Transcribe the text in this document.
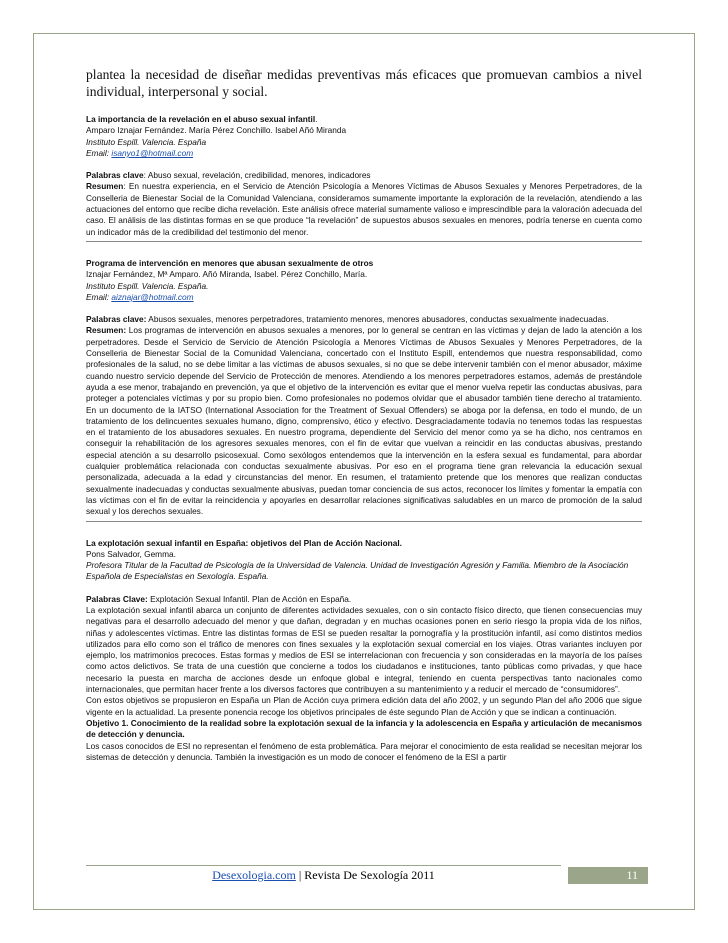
plantea la necesidad de diseñar medidas preventivas más eficaces que promuevan cambios a nivel individual, interpersonal y social.

La importancia de la revelación en el abuso sexual infantil.

Amparo Iznajar Fernández. María Pérez Conchillo. Isabel Añó Miranda

Instituto Espill. Valencia. España

Email: isanyo1@hotmail.com

Palabras clave: Abuso sexual, revelación, credibilidad, menores, indicadores

Resumen: En nuestra experiencia, en el Servicio de Atención Psicología a Menores Víctimas de Abusos Sexuales y Menores Perpetradores, de la Conselleria de Bienestar Social de la Comunidad Valenciana, consideramos sumamente importante la exploración de la revelación, atendiendo a las actuaciones del entorno que recibe dicha revelación. Este análisis ofrece material sumamente valioso e imprescindible para la valoración adecuada del caso. El análisis de las distintas formas en se que produce “la revelación” de supuestos abusos sexuales en menores, podría tenerse en cuenta como un indicador más de la credibilidad del testimonio del menor.

Programa de intervención en menores que abusan sexualmente de otros

Iznajar Fernández, Mª Amparo. Añó Miranda, Isabel. Pérez Conchillo, María.

Instituto Espill. Valencia. España.

Email: aiznajar@hotmail.com

Palabras clave: Abusos sexuales, menores perpetradores, tratamiento menores, menores abusadores, conductas sexualmente inadecuadas.

Resumen: Los programas de intervención en abusos sexuales a menores, por lo general se centran en las víctimas y dejan de lado la atención a los perpetradores. Desde el Servicio de Servicio de Atención Psicología a Menores Víctimas de Abusos Sexuales y Menores Perpetradores, de la Conselleria de Bienestar Social de la Comunidad Valenciana, concertado con el Instituto Espill, entendemos que nuestra responsabilidad, como profesionales de la salud, no se debe limitar a las víctimas de abusos sexuales, si no que se debe intervenir también con el menor abusador, máxime cuando nuestro servicio depende del Servicio de Protección de menores. Atendiendo a los menores perpetradores estamos, además de prestándole ayuda a ese menor, trabajando en prevención, ya que el objetivo de la intervención es evitar que el menor vuelva repetir las conductas abusivas, para proteger a potenciales víctimas y por su propio bien. Como profesionales no podemos olvidar que el abusador también tiene derecho al tratamiento. En un documento de la IATSO (International Association for the Treatment of Sexual Offenders) se aboga por la defensa, en todo el mundo, de un tratamiento de los delincuentes sexuales humano, digno, comprensivo, ético y efectivo. Desgraciadamente todavía no tenemos todas las respuestas en el tratamiento de los abusadores sexuales. En nuestro programa, dependiente del Servicio del menor como ya se ha dicho, nos centramos en conseguir la rehabilitación de los agresores sexuales menores, con el fin de evitar que vuelvan a reincidir en las conductas abusivas, prestando especial atención a su desarrollo psicosexual. Como sexólogos entendemos que la intervención en la esfera sexual es fundamental, para abordar cualquier problemática relacionada con conductas sexualmente abusivas. Por eso en el programa tiene gran relevancia la educación sexual personalizada, adecuada a la edad y circunstancias del menor. En resumen, el tratamiento pretende que los menores que realizan conductas sexualmente inadecuadas y conductas sexualmente abusivas, puedan tomar conciencia de sus actos, reconocer los límites y fomentar la empatía con las víctimas con el fin de evitar la reincidencia y apoyarles en desarrollar relaciones significativas saludables en un marco de promoción de la salud sexual y los derechos sexuales.

La explotación sexual infantil en España: objetivos del Plan de Acción Nacional.

Pons Salvador, Gemma.

Profesora Titular de la Facultad de Psicología de la Universidad de Valencia. Unidad de Investigación Agresión y Familia. Miembro de la Asociación Española de Especialistas en Sexología. España.

Palabras Clave: Explotación Sexual Infantil. Plan de Acción en España.

La explotación sexual infantil abarca un conjunto de diferentes actividades sexuales, con o sin contacto físico directo, que tienen consecuencias muy negativas para el desarrollo adecuado del menor y que dañan, degradan y en muchas ocasiones ponen en serio riesgo la propia vida de los niños, niñas y adolescentes víctimas. Entre las distintas formas de ESI se pueden resaltar la pornografía y la prostitución infantil, así como distintos medios utilizados para ello como son el tráfico de menores con fines sexuales y la explotación sexual comercial en los viajes. Otras variantes incluyen por ejemplo, los matrimonios precoces. Estas formas y medios de ESI se interrelacionan con frecuencia y son consideradas en la mayoría de los países como actos delictivos. Se trata de una cuestión que concierne a todos los ciudadanos e instituciones, tanto públicas como privadas, y que hace necesario la puesta en marcha de acciones desde un enfoque global e integral, teniendo en cuenta perspectivas tanto nacionales como internacionales, que permitan hacer frente a los diversos factores que contribuyen a su mantenimiento y a reducir el mercado de “consumidores”.

Con estos objetivos se propusieron en España un Plan de Acción cuya primera edición data del año 2002, y un segundo Plan del año 2006 que sigue vigente en la actualidad. La presente ponencia recoge los objetivos principales de éste segundo Plan de Acción y que se indican a continuación.

Objetivo 1. Conocimiento de la realidad sobre la explotación sexual de la infancia y la adolescencia en España y articulación de mecanismos de detección y denuncia.

Los casos conocidos de ESI no representan el fenómeno de esta problemática. Para mejorar el conocimiento de esta realidad se necesitan mejorar los sistemas de detección y denuncia. También la investigación es un modo de conocer el fenómeno de la ESI a partir

Desexologia.com | Revista De Sexología 2011	11
